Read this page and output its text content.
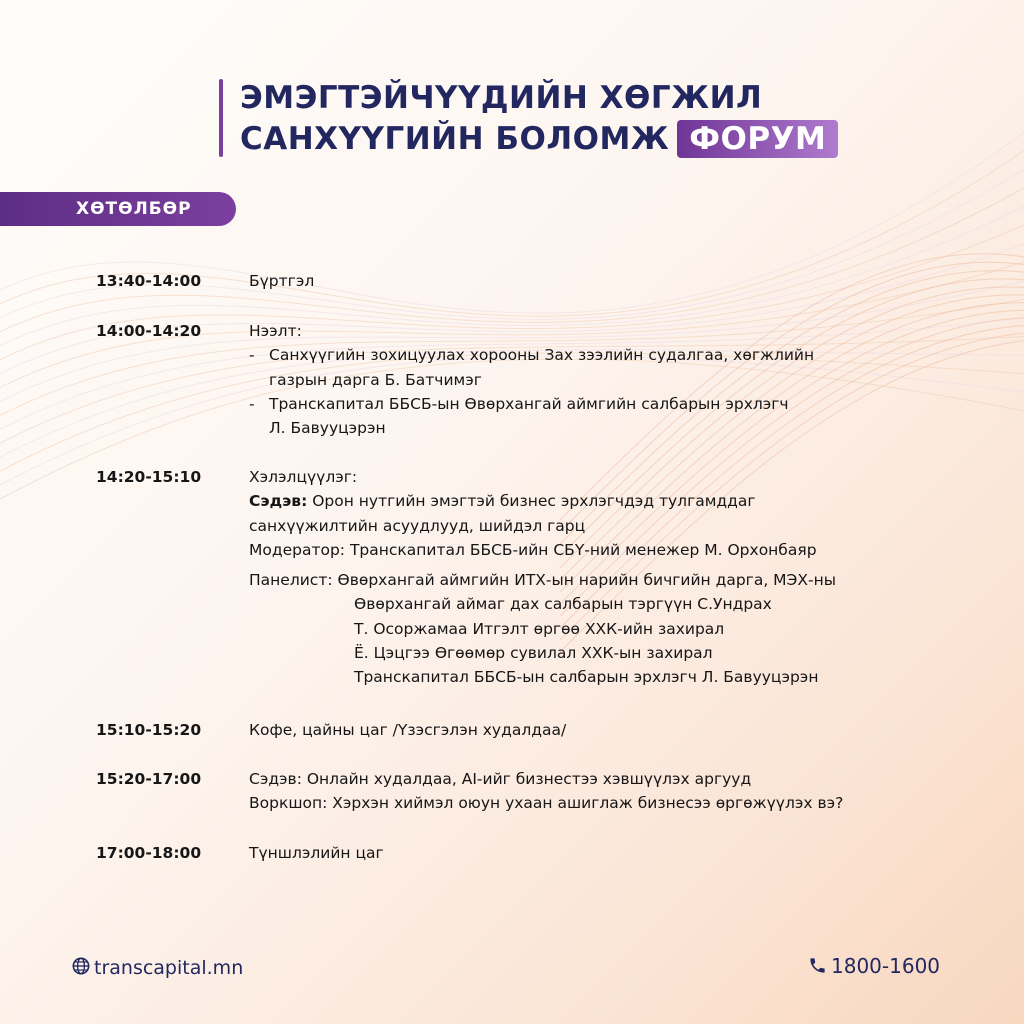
ЭМЭГТЭЙЧҮҮДИЙН ХӨГЖИЛ
САНХҮҮГИЙН БОЛОМЖ ФОРУМ
ХӨТӨЛБӨР
13:40-14:00	Бүртгэл
14:00-14:20	Нээлт:
- Санхүүгийн зохицуулах хорооны Зах зээлийн судалгаа, хөгжлийн
газрын дарга Б. Батчимэг
- Транскапитал ББСБ-ын Өвөрхангай аймгийн салбарын эрхлэгч
Л. Бавууцэрэн
14:20-15:10	Хэлэлцүүлэг:
Сэдэв: Орон нутгийн эмэгтэй бизнес эрхлэгчдэд тулгамддаг
санхүүжилтийн асуудлууд, шийдэл гарц
Модератор: Транскапитал ББСБ-ийн СБҮ-ний менежер М. Орхонбаяр
Панелист: Өвөрхангай аймгийн ИТХ-ын нарийн бичгийн дарга, МЭХ-ны
Өвөрхангай аймаг дах салбарын тэргүүн С.Ундрах
Т. Осоржамаа Итгэлт өргөө ХХК-ийн захирал
Ё. Цэцгээ Өгөөмөр сувилал ХХК-ын захирал
Транскапитал ББСБ-ын салбарын эрхлэгч Л. Бавууцэрэн
15:10-15:20	Кофе, цайны цаг /Үзэсгэлэн худалдаа/
15:20-17:00	Сэдэв: Онлайн худалдаа, AI-ийг бизнестээ хэвшүүлэх аргууд
Воркшоп: Хэрхэн хиймэл оюун ухаан ашиглаж бизнесээ өргөжүүлэх вэ?
17:00-18:00	Түншлэлийн цаг
transcapital.mn	1800-1600
